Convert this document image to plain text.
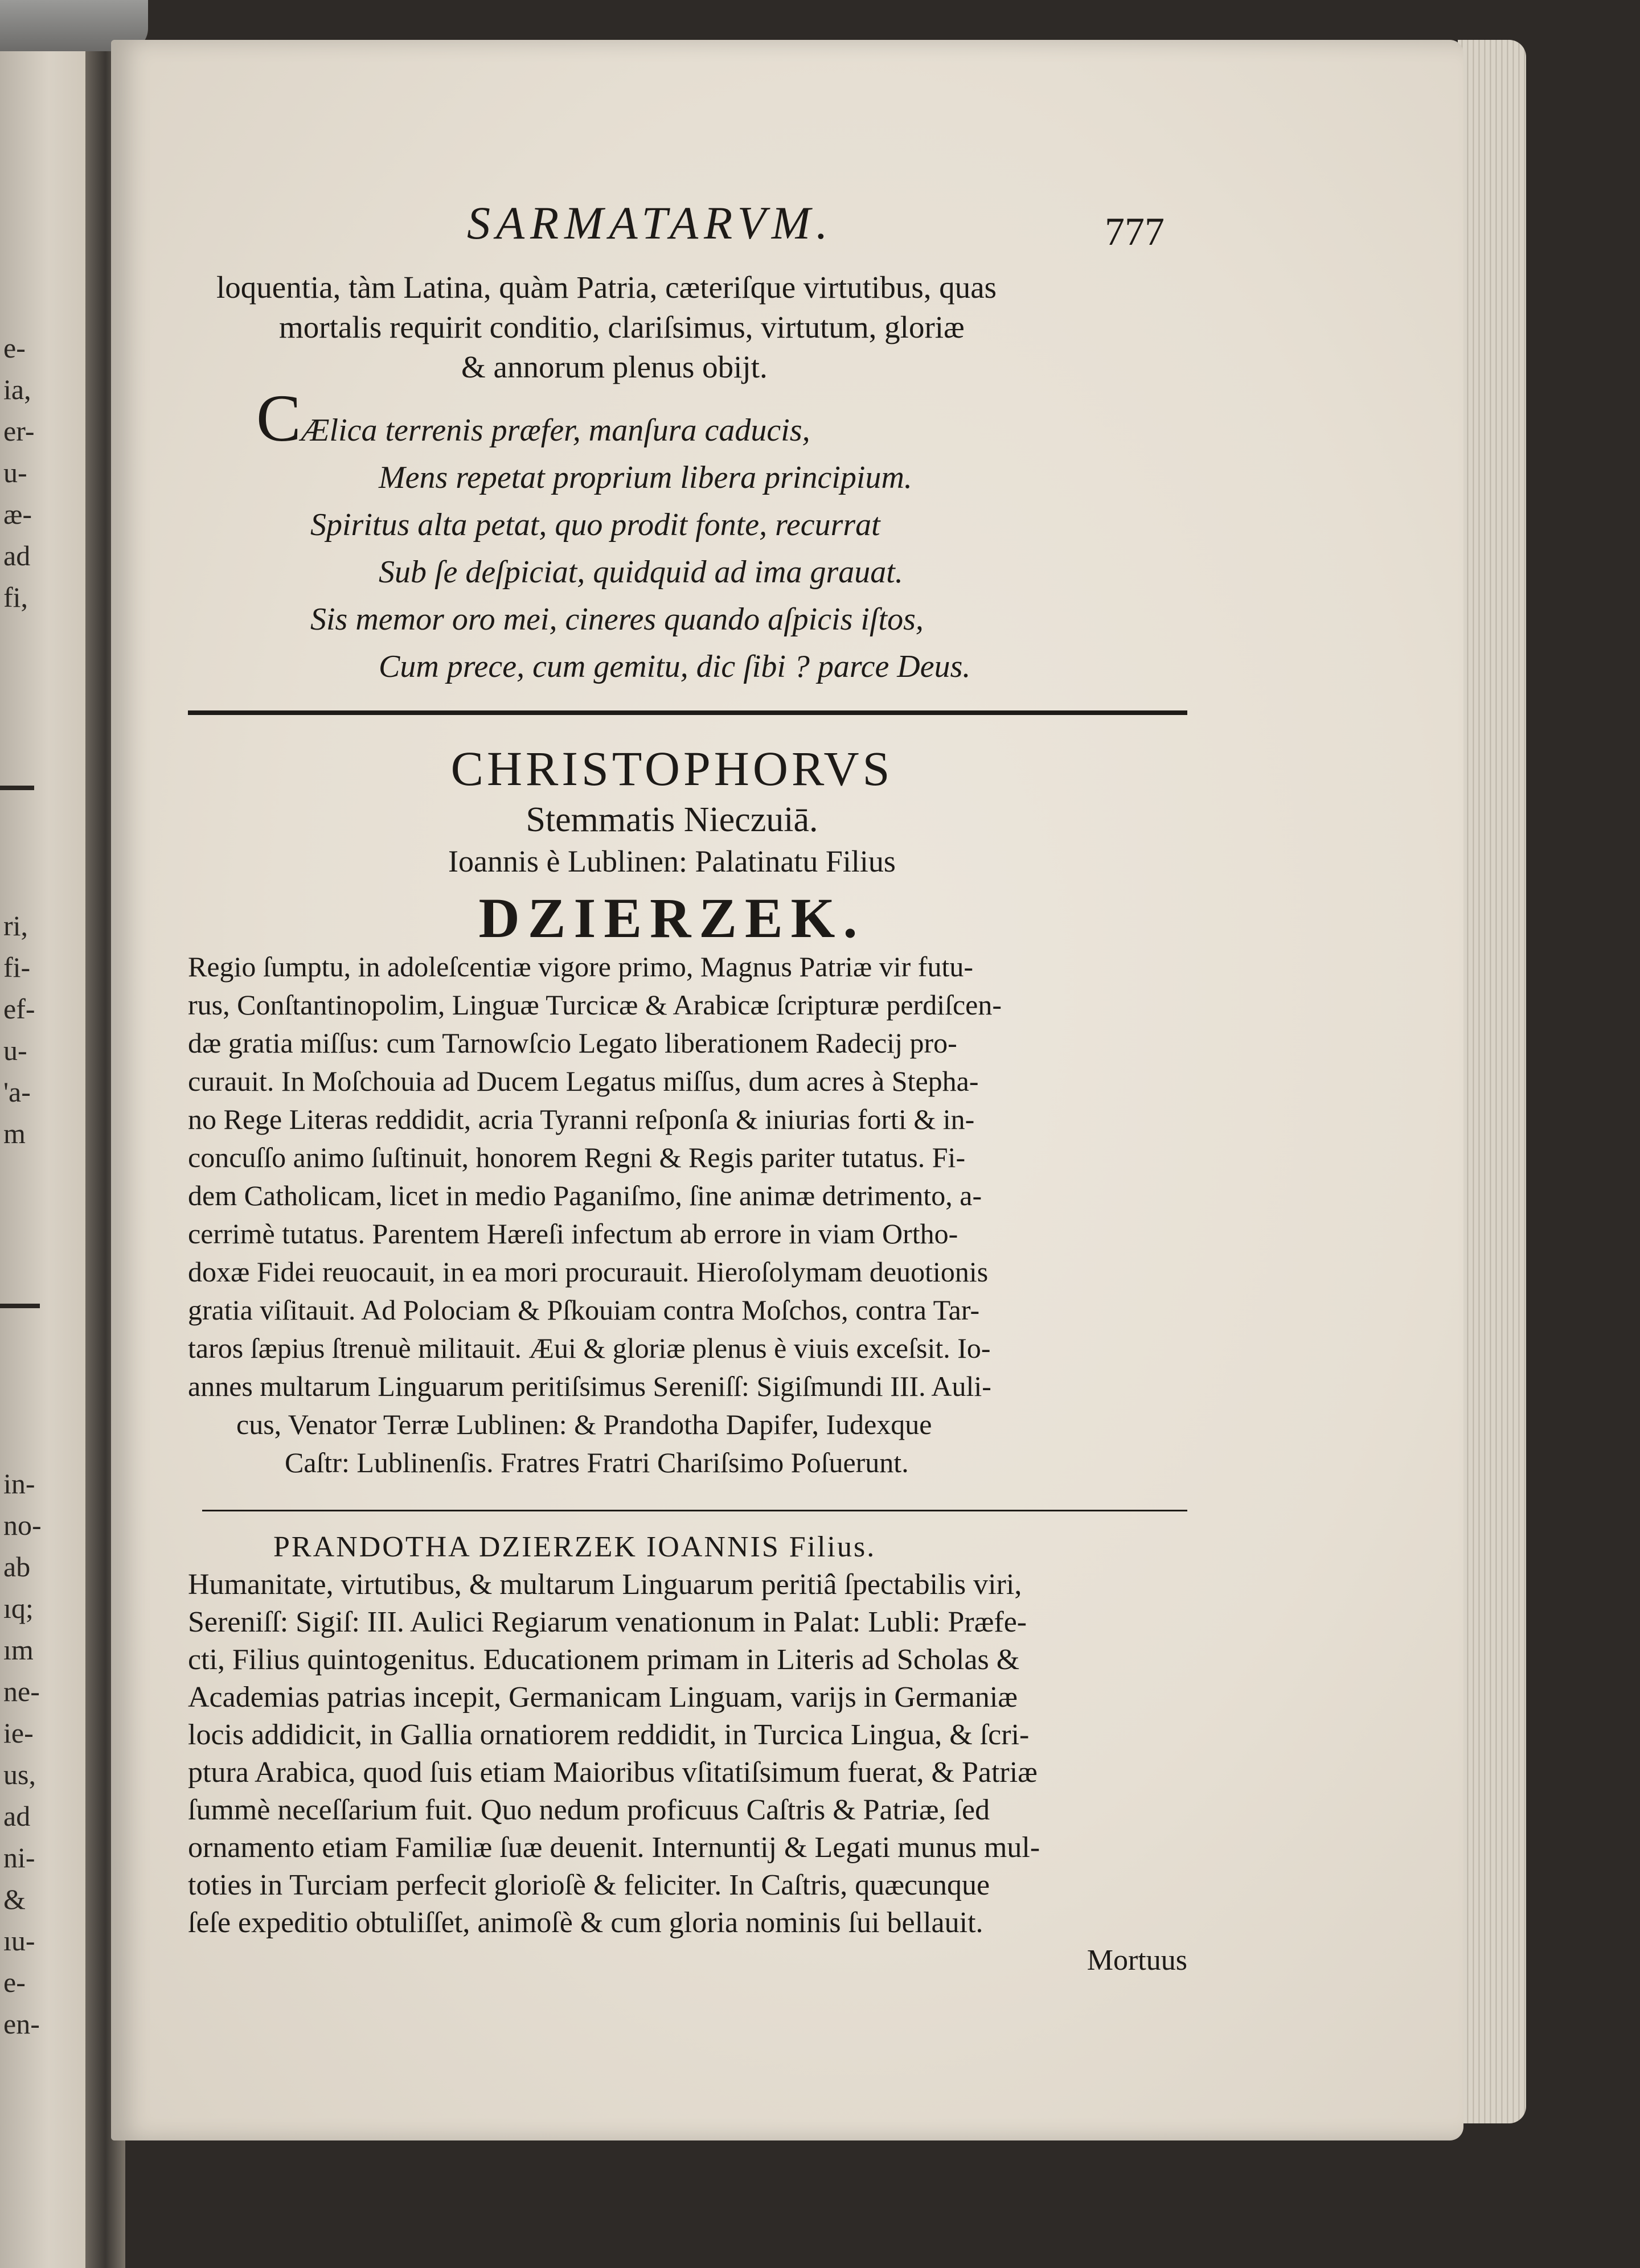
e-
ia,
er-
u-
æ-
ad
fi,
ri,
fi-
ef-
u-
'a-
m
in-
no-
ab
ıq;
ım
ne-
ie-
us,
ad
ni-
&
ıu-
e-
en-
SARMATARVM.	777
loquentia, tàm Latina, quàm Patria, cæteriſque virtutibus, quas
mortalis requirit conditio, clariſsimus, virtutum, gloriæ
& annorum plenus obijt.
CÆlica terrenis præfer, manſura caducis,
Mens repetat proprium libera principium.
Spiritus alta petat, quo prodit fonte, recurrat
Sub ſe deſpiciat, quidquid ad ima grauat.
Sis memor oro mei, cineres quando aſpicis iſtos,
Cum prece, cum gemitu, dic ſibi ? parce Deus.
CHRISTOPHORVS
Stemmatis Nieczuiā.
Ioannis è Lublinen: Palatinatu Filius
DZIERZEK.
Regio ſumptu, in adoleſcentiæ vigore primo, Magnus Patriæ vir futu-
rus, Conſtantinopolim, Linguæ Turcicæ & Arabicæ ſcripturæ perdiſcen-
dæ gratia miſſus: cum Tarnowſcio Legato liberationem Radecij pro-
curauit. In Moſchouia ad Ducem Legatus miſſus, dum acres à Stepha-
no Rege Literas reddidit, acria Tyranni reſponſa & iniurias forti & in-
concuſſo animo ſuſtinuit, honorem Regni & Regis pariter tutatus. Fi-
dem Catholicam, licet in medio Paganiſmo, ſine animæ detrimento, a-
cerrimè tutatus. Parentem Hæreſi infectum ab errore in viam Ortho-
doxæ Fidei reuocauit, in ea mori procurauit. Hieroſolymam deuotionis
gratia viſitauit. Ad Polociam & Pſkouiam contra Moſchos, contra Tar-
taros ſæpius ſtrenuè militauit. Æui & gloriæ plenus è viuis exceſsit. Io-
annes multarum Linguarum peritiſsimus Sereniſſ: Sigiſmundi III. Auli-
cus, Venator Terræ Lublinen: & Prandotha Dapifer, Iudexque
Caſtr: Lublinenſis. Fratres Fratri Chariſsimo Poſuerunt.
PRANDOTHA DZIERZEK IOANNIS Filius.
Humanitate, virtutibus, & multarum Linguarum peritiâ ſpectabilis viri,
Sereniſſ: Sigiſ: III. Aulici Regiarum venationum in Palat: Lubli: Præfe-
cti, Filius quintogenitus. Educationem primam in Literis ad Scholas &
Academias patrias incepit, Germanicam Linguam, varijs in Germaniæ
locis addidicit, in Gallia ornatiorem reddidit, in Turcica Lingua, & ſcri-
ptura Arabica, quod ſuis etiam Maioribus vſitatiſsimum fuerat, & Patriæ
ſummè neceſſarium fuit. Quo nedum proficuus Caſtris & Patriæ, ſed
ornamento etiam Familiæ ſuæ deuenit. Internuntij & Legati munus mul-
toties in Turciam perfecit glorioſè & feliciter. In Caſtris, quæcunque
ſeſe expeditio obtuliſſet, animoſè & cum gloria nominis ſui bellauit.
Mortuus
